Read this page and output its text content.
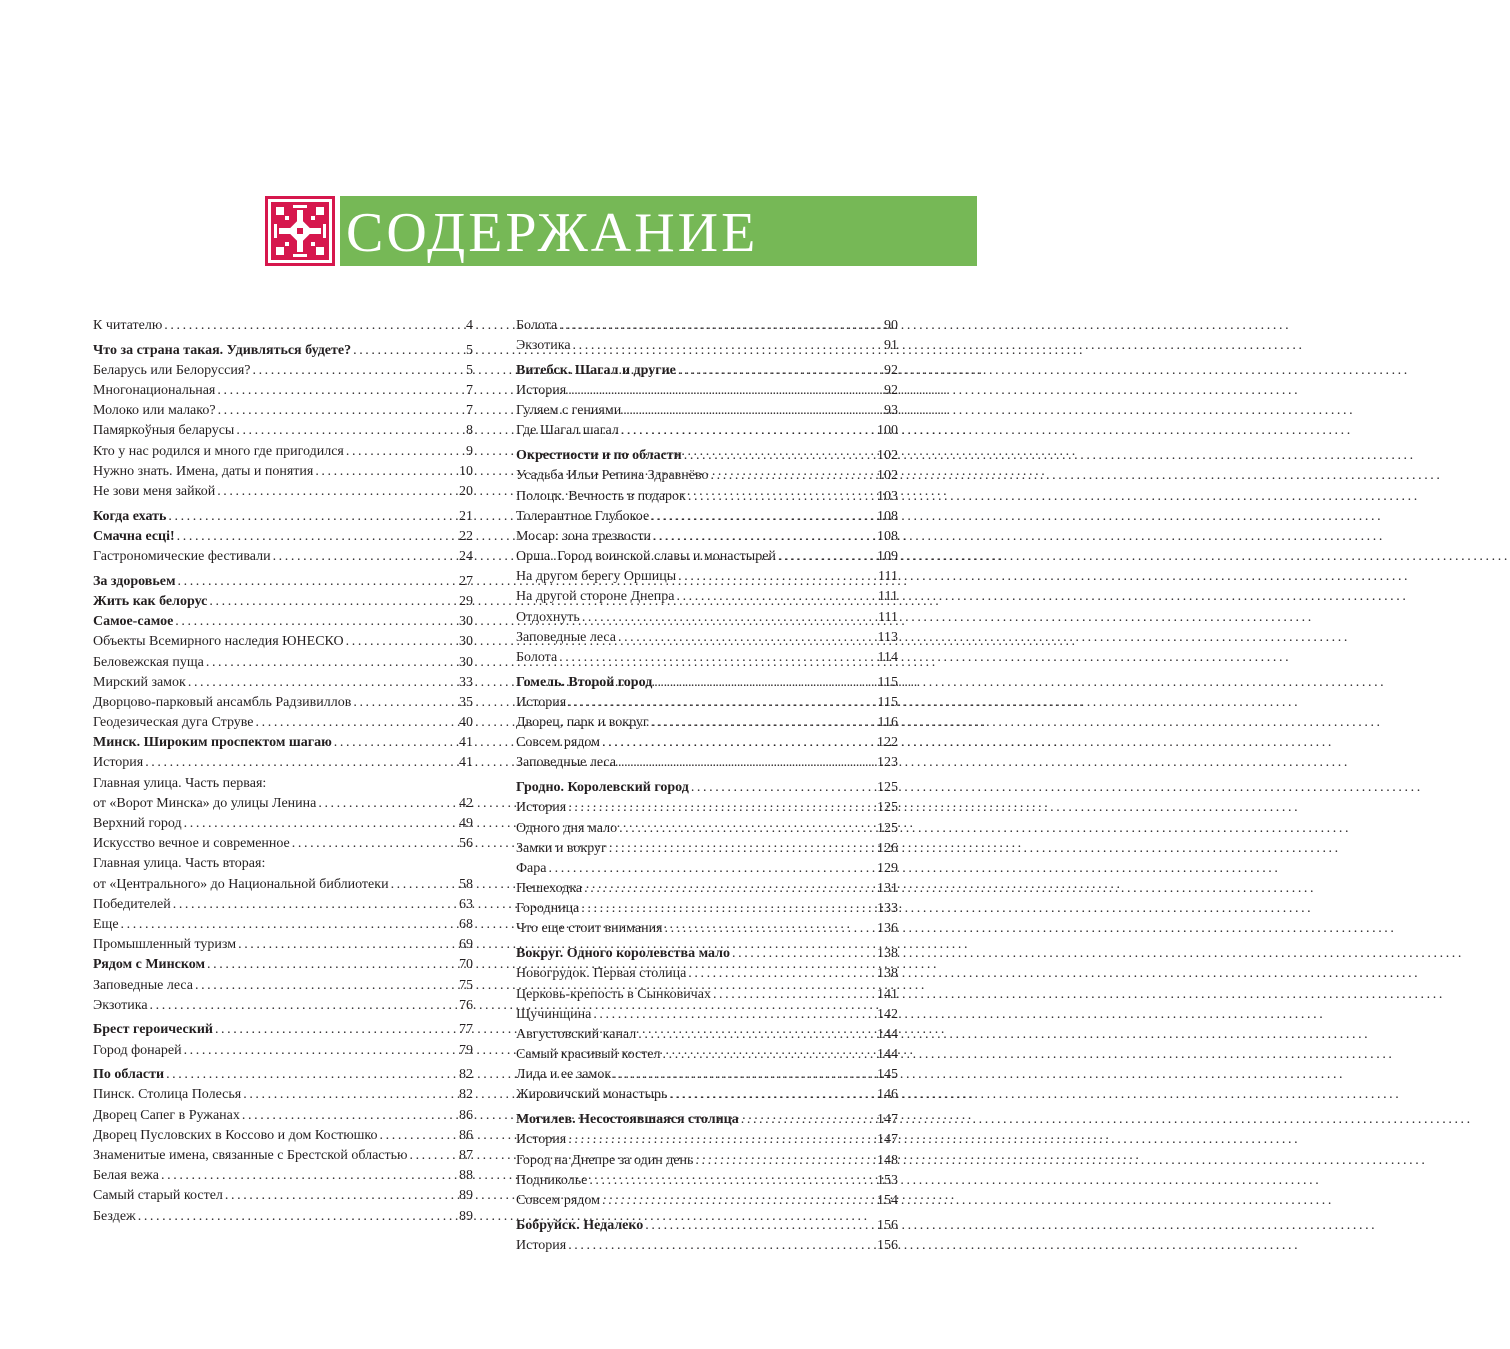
СОДЕРЖАНИЕ
К читателю .....	4
Что за страна такая. Удивляться будете? .....	5
Беларусь или Белоруссия? .....	5
Многонациональная .....	7
Молоко или малако? .....	7
Памяркоўныя беларусы .....	8
Кто у нас родился и много где пригодился .....	9
Нужно знать. Имена, даты и понятия .....	10
Не зови меня зайкой .....	20
Когда ехать .....	21
Смачна есці! .....	22
Гастрономические фестивали .....	24
За здоровьем .....	27
Жить как белорус .....	29
Самое-самое .....	30
Объекты Всемирного наследия ЮНЕСКО .....	30
Беловежская пуща .....	30
Мирский замок .....	33
Дворцово-парковый ансамбль Радзивиллов .....	35
Геодезическая дуга Струве .....	40
Минск. Широким проспектом шагаю .....	41
История .....	41
Главная улица. Часть первая:
от «Ворот Минска» до улицы Ленина .....	42
Верхний город .....	49
Искусство вечное и современное .....	56
Главная улица. Часть вторая:
от «Центрального» до Национальной библиотеки .....	58
Победителей .....	63
Еще .....	68
Промышленный туризм .....	69
Рядом с Минском .....	70
Заповедные леса .....	75
Экзотика .....	76
Брест героический .....	77
Город фонарей .....	79
По области .....	82
Пинск. Столица Полесья .....	82
Дворец Сапег в Ружанах .....	86
Дворец Пусловских в Коссово и дом Костюшко .....	86
Знаменитые имена, связанные с Брестской областью .....	87
Белая вежа .....	88
Самый старый костел .....	89
Бездеж .....	89
Болота .....	90
Экзотика .....	91
Витебск. Шагал и другие .....	92
История .....	92
Гуляем с гениями .....	93
Где Шагал шагал .....	100
Окрестности и по области .....	102
Усадьба Ильи Репина Здравнёво .....	102
Полоцк. Вечность в подарок .....	103
Толерантное Глубокое .....	108
Мосар: зона трезвости .....	108
Орша. Город воинской славы и монастырей .....	109
На другом берегу Оршицы .....	111
На другой стороне Днепра .....	111
Отдохнуть .....	111
Заповедные леса .....	113
Болота .....	114
Гомель. Второй город .....	115
История .....	115
Дворец, парк и вокруг .....	116
Совсем рядом .....	122
Заповедные леса .....	123
Гродно. Королевский город .....	125
История .....	125
Одного дня мало .....	125
Замки и вокруг .....	126
Фара .....	129
Пешеходка .....	131
Городница .....	133
Что еще стоит внимания .....	136
Вокруг. Одного королевства мало .....	138
Новогрудок. Первая столица .....	138
Церковь-крепость в Сынковичах .....	141
Щучинщина .....	142
Августовский канал .....	144
Самый красивый костел .....	144
Лида и ее замок .....	145
Жировичский монастырь .....	146
Могилев. Несостоявшаяся столица .....	147
История .....	147
Город на Днепре за один день .....	148
Подниколье .....	153
Совсем рядом .....	154
Бобруйск. Недалеко .....	156
История .....	156
